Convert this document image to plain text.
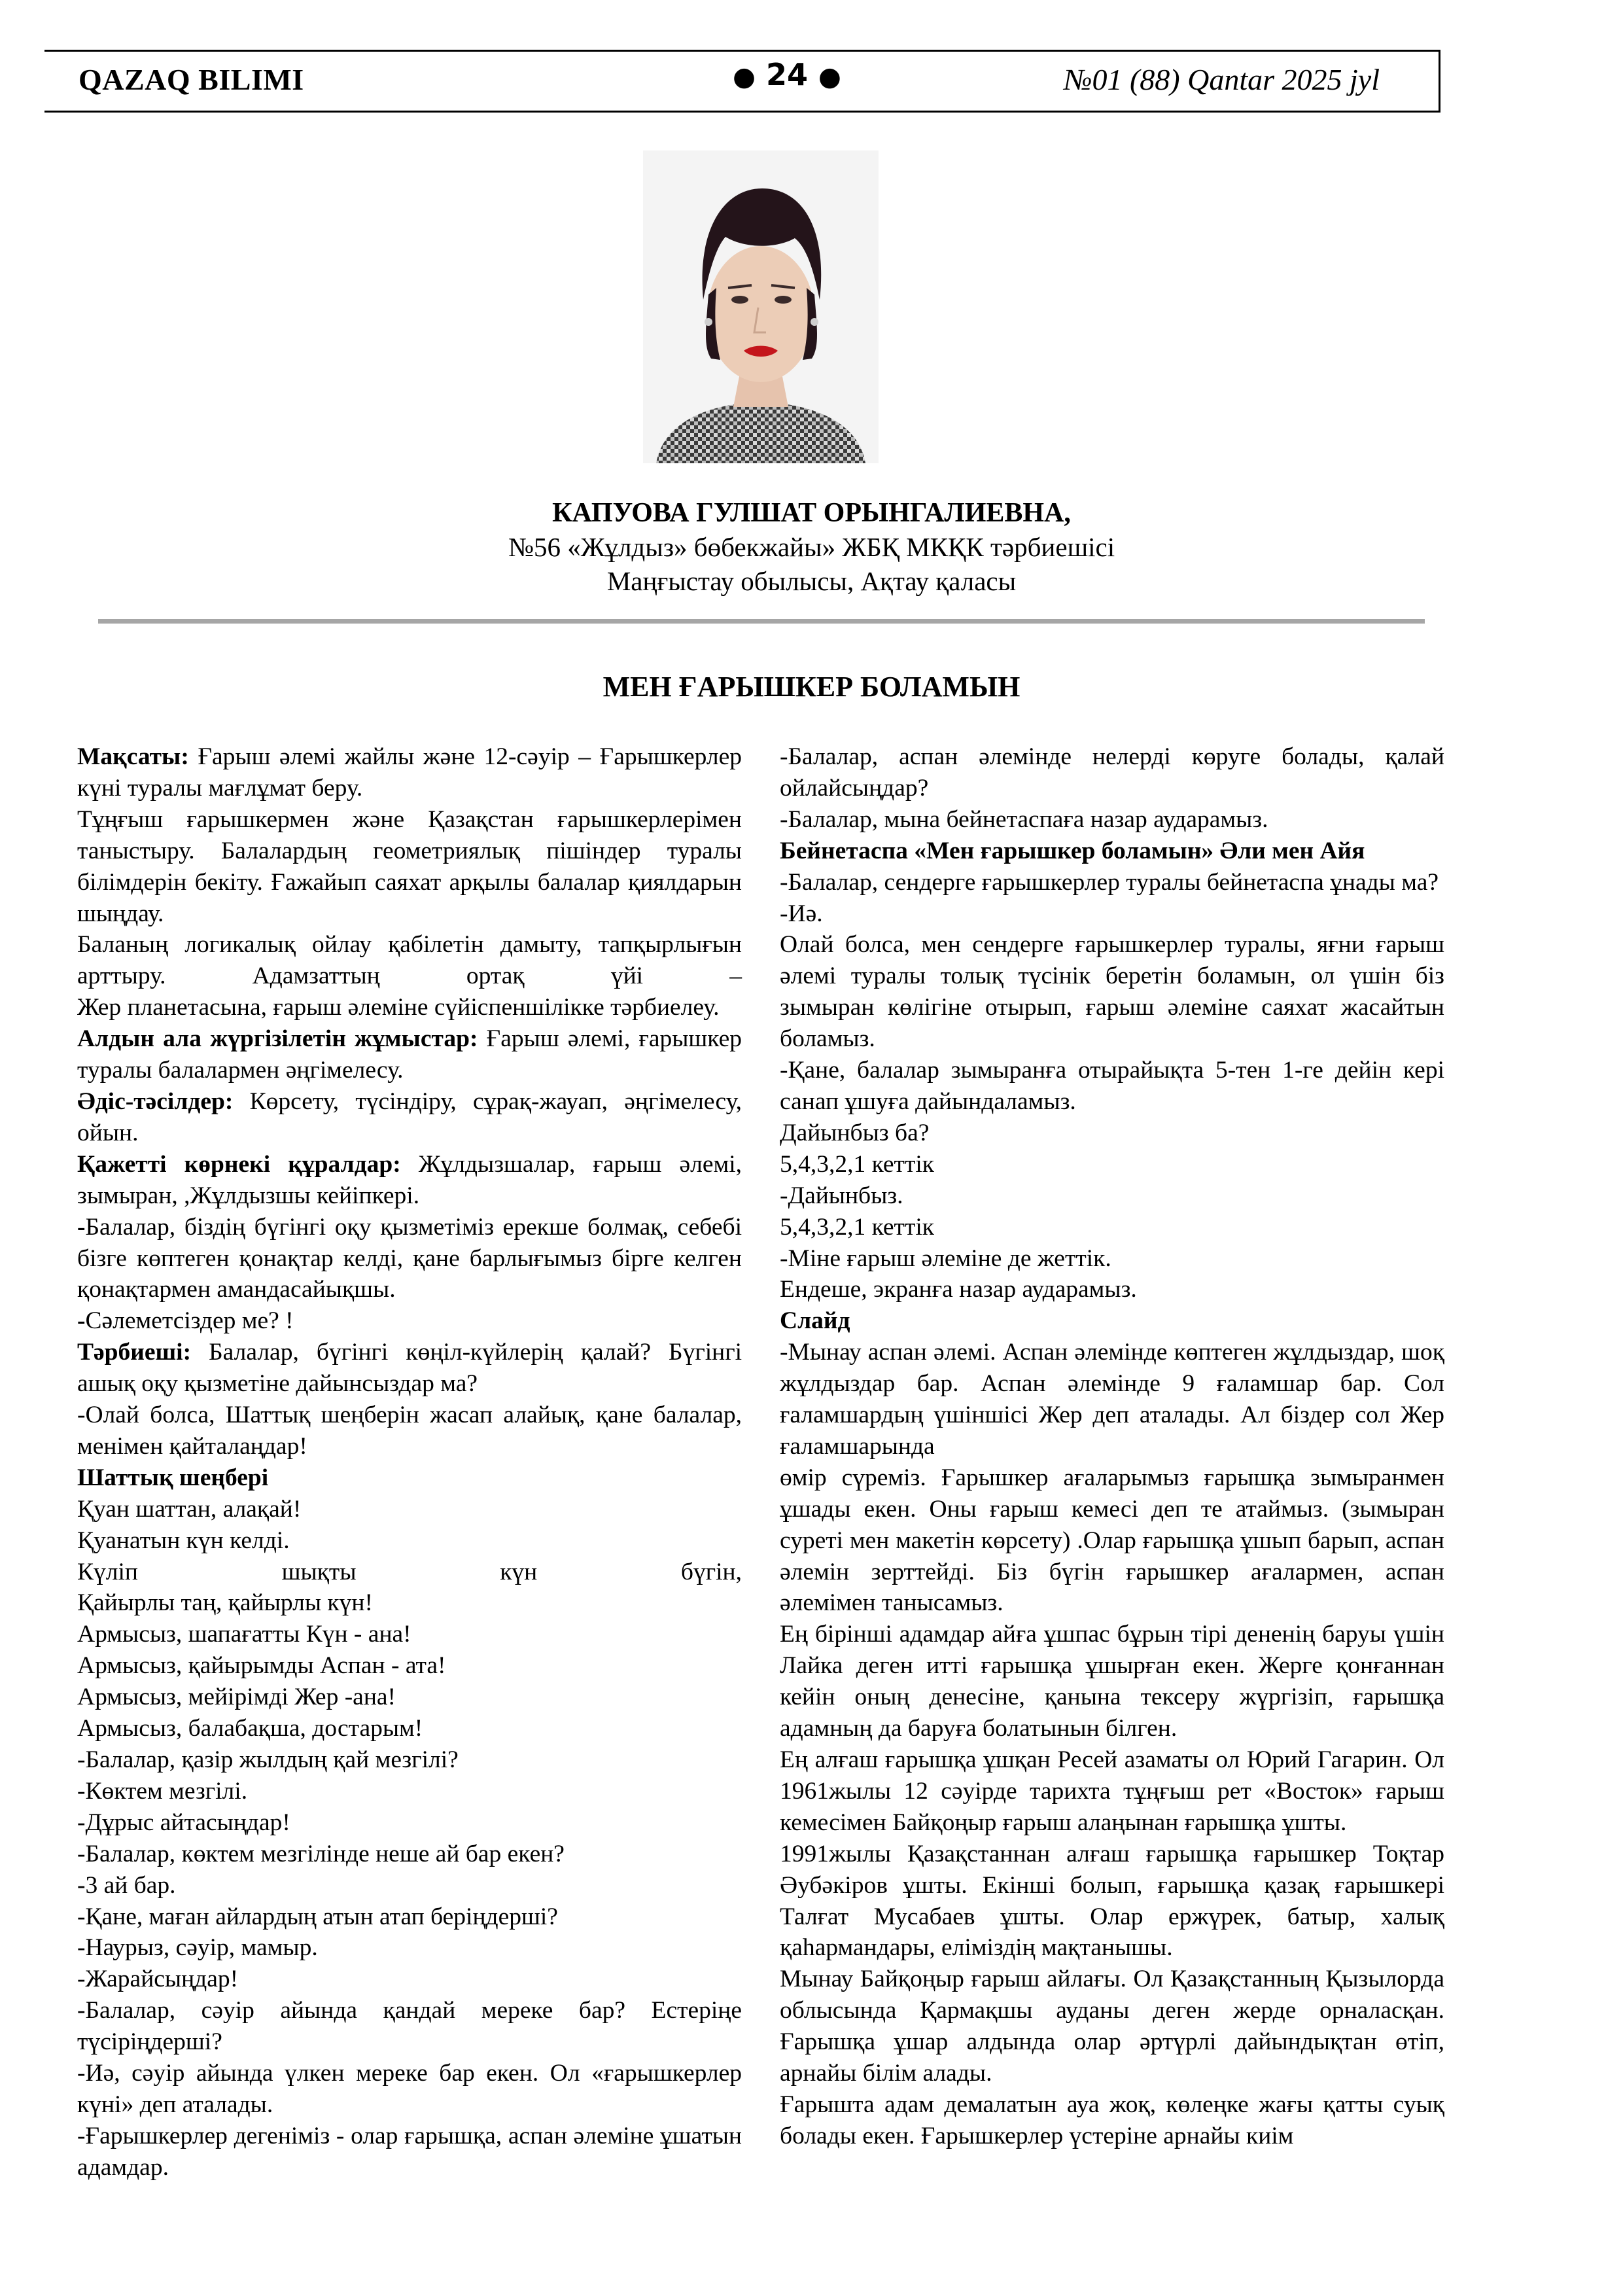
QAZAQ BILIMI	● 24 ●	№01 (88) Qantar 2025 jyl
КАПУОВА ГУЛШАТ ОРЫНГАЛИЕВНА,
№56 «Жұлдыз» бөбекжайы» ЖБҚ МКҚК тәрбиешісі
Маңғыстау обылысы, Ақтау қаласы
МЕН ҒАРЫШКЕР БОЛАМЫН

Мақсаты: Ғарыш әлемі жайлы және 12-сәуір – Ғарышкерлер күні туралы мағлұмат беру.

Тұңғыш ғарышкермен және Қазақстан ғарышкерлерімен таныстыру. Балалардың геометриялық пішіндер туралы білімдерін бекіту. Ғажайып саяхат арқылы балалар қиялдарын шыңдау.

Баланың логикалық ойлау қабілетін дамыту, тапқырлығын арттыру. Адамзаттың ортақ үйі –

Жер планетасына, ғарыш әлеміне сүйіспеншілікке тәрбиелеу.

Алдын ала жүргізілетін жұмыстар: Ғарыш әлемі, ғарышкер туралы балалармен әңгімелесу.

Әдіс-тәсілдер: Көрсету, түсіндіру, сұрақ-жауап, әңгімелесу, ойын.

Қажетті көрнекі құралдар: Жұлдызшалар, ғарыш әлемі, зымыран, ,Жұлдызшы кейіпкері.

-Балалар, біздің бүгінгі оқу қызметіміз ерекше болмақ, себебі бізге көптеген қонақтар келді, қане барлығымыз бірге келген қонақтармен амандасайықшы.

-Сәлеметсіздер ме? !

Тәрбиеші: Балалар, бүгінгі көңіл-күйлерің қалай? Бүгінгі ашық оқу қызметіне дайынсыздар ма?

-Олай болса, Шаттық шеңберін жасап алайық, қане балалар, менімен қайталаңдар!

Шаттық шеңбері

Қуан шаттан, алақай!

Қуанатын күн келді.

Күліп шықты күн бүгін,

Қайырлы таң, қайырлы күн!

Армысыз, шапағатты Күн - ана!

Армысыз, қайырымды Аспан - ата!

Армысыз, мейірімді Жер -ана!

Армысыз, балабақша, достарым!

-Балалар, қазір жылдың қай мезгілі?

-Көктем мезгілі.

-Дұрыс айтасыңдар!

-Балалар, көктем мезгілінде неше ай бар екен?

-3 ай бар.

-Қане, маған айлардың атын атап беріңдерші?

-Наурыз, сәуір, мамыр.

-Жарайсыңдар!

-Балалар, сәуір айында қандай мереке бар? Естеріңе түсіріңдерші?

-Иә, сәуір айында үлкен мереке бар екен. Ол «ғарышкерлер күні» деп аталады.

-Ғарышкерлер дегеніміз - олар ғарышқа, аспан әлеміне ұшатын адамдар.

-Балалар, аспан әлемінде нелерді көруге болады, қалай ойлайсыңдар?

-Балалар, мына бейнетаспаға назар аударамыз.

Бейнетаспа «Мен ғарышкер боламын» Әли мен Айя

-Балалар, сендерге ғарышкерлер туралы бейнетаспа ұнады ма?

-Иә.

Олай болса, мен сендерге ғарышкерлер туралы, яғни ғарыш әлемі туралы толық түсінік беретін боламын, ол үшін біз зымыран көлігіне отырып, ғарыш әлеміне саяхат жасайтын боламыз.

-Қане, балалар зымыранға отырайықта 5-тен 1-ге дейін кері санап ұшуға дайындаламыз.

Дайынбыз ба?

5,4,3,2,1 кеттік

-Дайынбыз.

5,4,3,2,1 кеттік

-Міне ғарыш әлеміне де жеттік.

Ендеше, экранға назар аударамыз.

Слайд

-Мынау аспан әлемі. Аспан әлемінде көптеген жұлдыздар, шоқ жұлдыздар бар. Аспан әлемінде 9 ғаламшар бар. Сол ғаламшардың үшіншісі Жер деп аталады. Ал біздер сол Жер ғаламшарында

өмір сүреміз. Ғарышкер ағаларымыз ғарышқа зымыранмен ұшады екен. Оны ғарыш кемесі деп те атаймыз. (зымыран суреті мен макетін көрсету) .Олар ғарышқа ұшып барып, аспан әлемін зерттейді. Біз бүгін ғарышкер ағалармен, аспан әлемімен танысамыз.

Ең бірінші адамдар айға ұшпас бұрын тірі дененің баруы үшін Лайка деген итті ғарышқа ұшырған екен. Жерге қонғаннан кейін оның денесіне, қанына тексеру жүргізіп, ғарышқа адамның да баруға болатынын білген.

Ең алғаш ғарышқа ұшқан Ресей азаматы ол Юрий Гагарин. Ол 1961жылы 12 сәуірде тарихта тұңғыш рет «Восток» ғарыш кемесімен Байқоңыр ғарыш алаңынан ғарышқа ұшты.

1991жылы Қазақстаннан алғаш ғарышқа ғарышкер Тоқтар Әубәкіров ұшты. Екінші болып, ғарышқа қазақ ғарышкері Талғат Мусабаев ұшты. Олар ержүрек, батыр, халық қаһармандары, еліміздің мақтанышы.

Мынау Байқоңыр ғарыш айлағы. Ол Қазақстанның Қызылорда облысында Қармақшы ауданы деген жерде орналасқан. Ғарышқа ұшар алдында олар әртүрлі дайындықтан өтіп, арнайы білім алады.

Ғарышта адам демалатын ауа жоқ, көлеңке жағы қатты суық болады екен. Ғарышкерлер үстеріне арнайы киім
